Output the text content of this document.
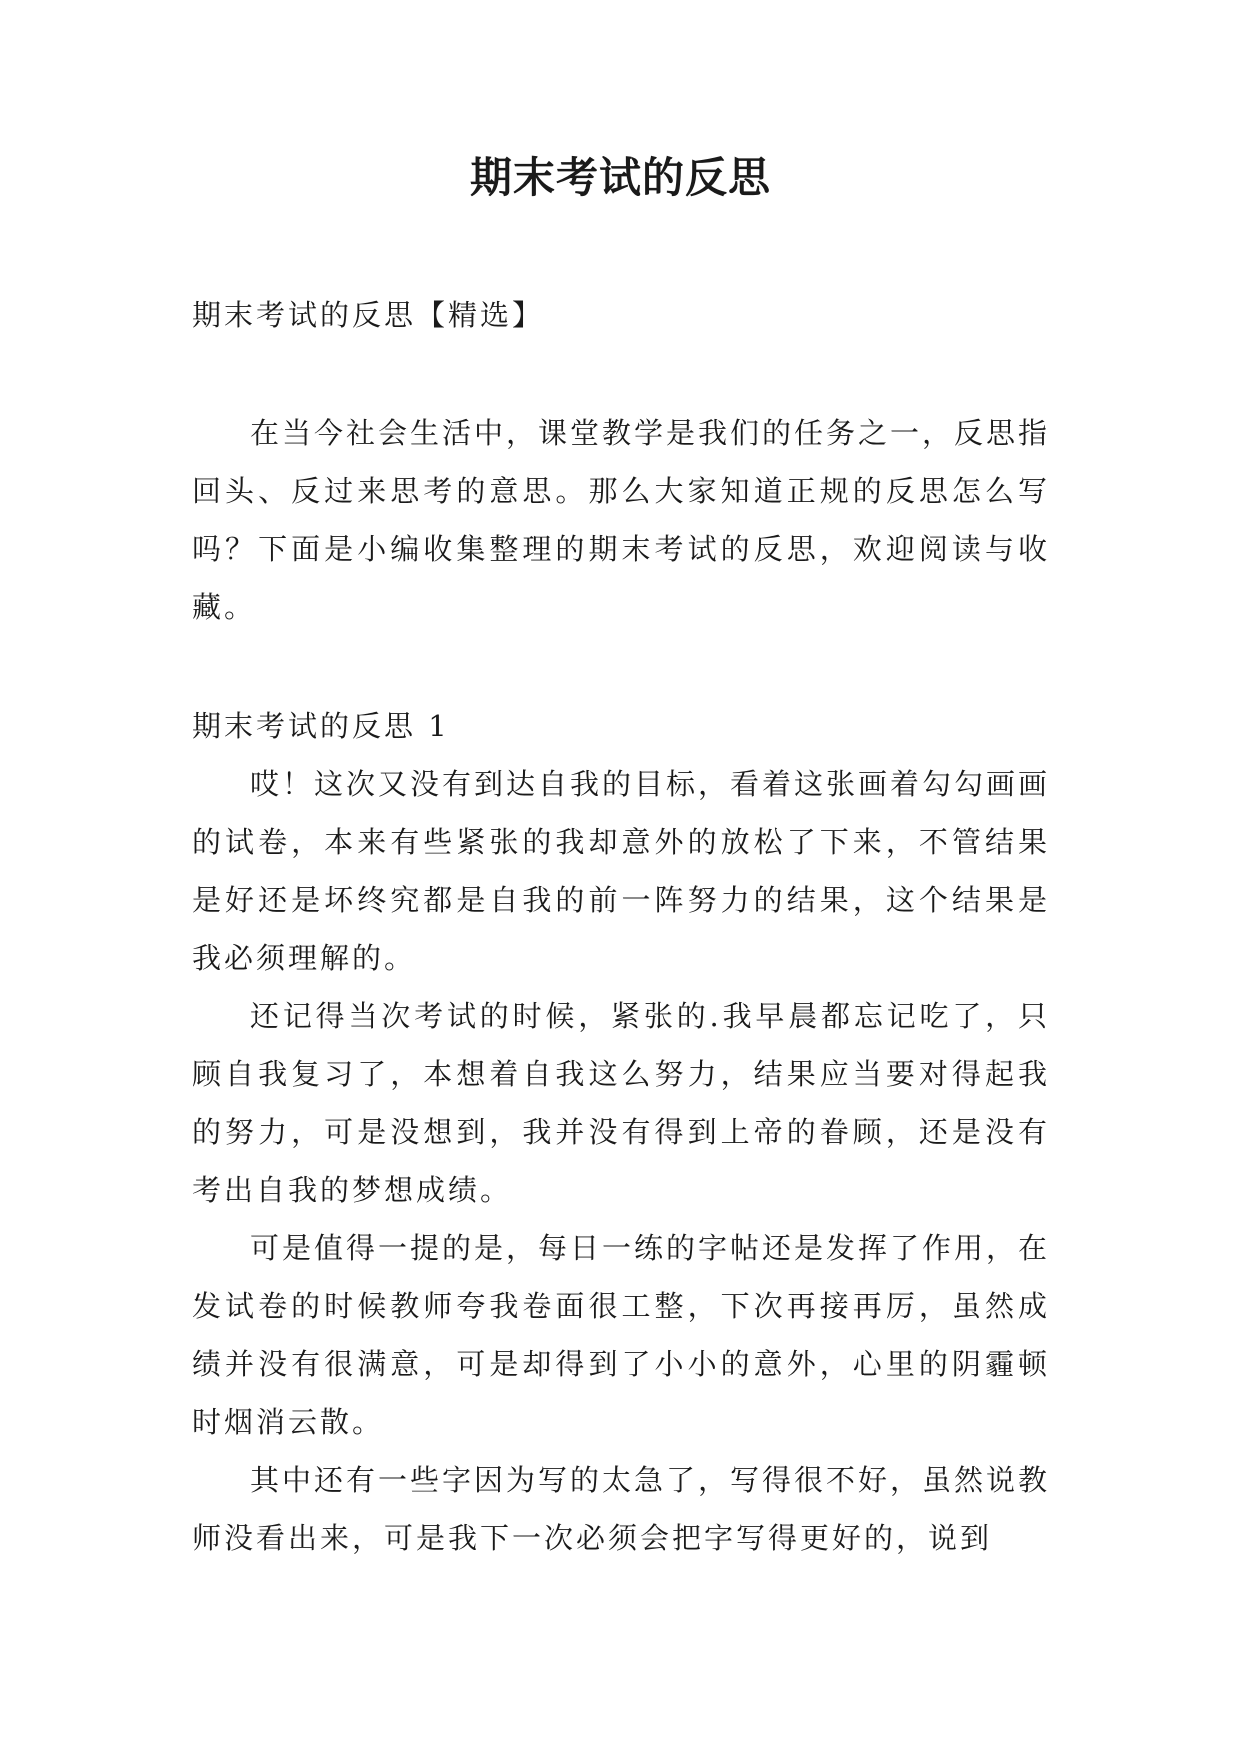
期末考试的反思

期末考试的反思【精选】

在当今社会生活中，课堂教学是我们的任务之一，反思指回头、反过来思考的意思。那么大家知道正规的反思怎么写吗？下面是小编收集整理的期末考试的反思，欢迎阅读与收藏。

期末考试的反思 1

哎！这次又没有到达自我的目标，看着这张画着勾勾画画的试卷，本来有些紧张的我却意外的放松了下来，不管结果是好还是坏终究都是自我的前一阵努力的结果，这个结果是我必须理解的。

还记得当次考试的时候，紧张的.我早晨都忘记吃了，只顾自我复习了，本想着自我这么努力，结果应当要对得起我的努力，可是没想到，我并没有得到上帝的眷顾，还是没有考出自我的梦想成绩。

可是值得一提的是，每日一练的字帖还是发挥了作用，在发试卷的时候教师夸我卷面很工整，下次再接再厉，虽然成绩并没有很满意，可是却得到了小小的意外，心里的阴霾顿时烟消云散。

其中还有一些字因为写的太急了，写得很不好，虽然说教师没看出来，可是我下一次必须会把字写得更好的，说到
